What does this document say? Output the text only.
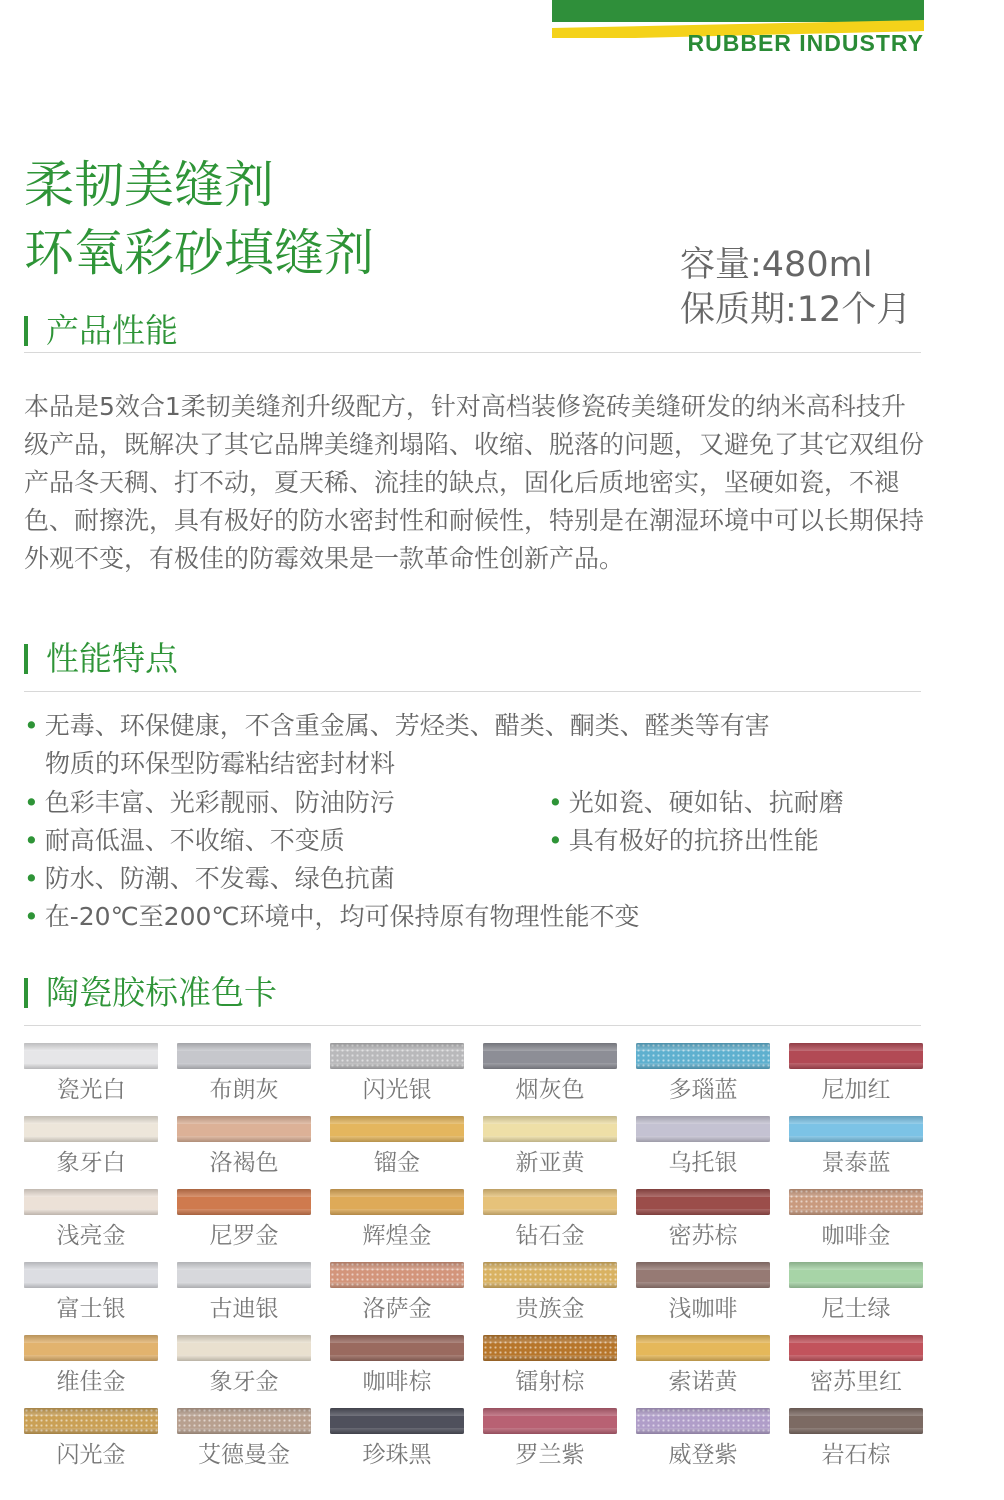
RUBBER INDUSTRY
柔韧美缝剂
环氧彩砂填缝剂	容量:480ml
保质期:12个月
产品性能
本品是5效合1柔韧美缝剂升级配方，针对高档装修瓷砖美缝研发的纳米高科技升级产品，既解决了其它品牌美缝剂塌陷、收缩、脱落的问题，又避免了其它双组份产品冬天稠、打不动，夏天稀、流挂的缺点，固化后质地密实，坚硬如瓷，不褪色、耐擦洗，具有极好的防水密封性和耐候性，特别是在潮湿环境中可以长期保持外观不变，有极佳的防霉效果是一款革命性创新产品。
性能特点
• 无毒、环保健康，不含重金属、芳烃类、醋类、酮类、醛类等有害
物质的环保型防霉粘结密封材料
• 色彩丰富、光彩靓丽、防油防污	• 光如瓷、硬如钻、抗耐磨
• 耐高低温、不收缩、不变质	• 具有极好的抗挤出性能
• 防水、防潮、不发霉、绿色抗菌
• 在-20℃至200℃环境中，均可保持原有物理性能不变
陶瓷胶标准色卡
瓷光白	布朗灰	闪光银	烟灰色	多瑙蓝	尼加红
象牙白	洛褐色	镏金	新亚黄	乌托银	景泰蓝
浅亮金	尼罗金	辉煌金	钻石金	密苏棕	咖啡金
富士银	古迪银	洛萨金	贵族金	浅咖啡	尼士绿
维佳金	象牙金	咖啡棕	镭射棕	索诺黄	密苏里红
闪光金	艾德曼金	珍珠黑	罗兰紫	威登紫	岩石棕
